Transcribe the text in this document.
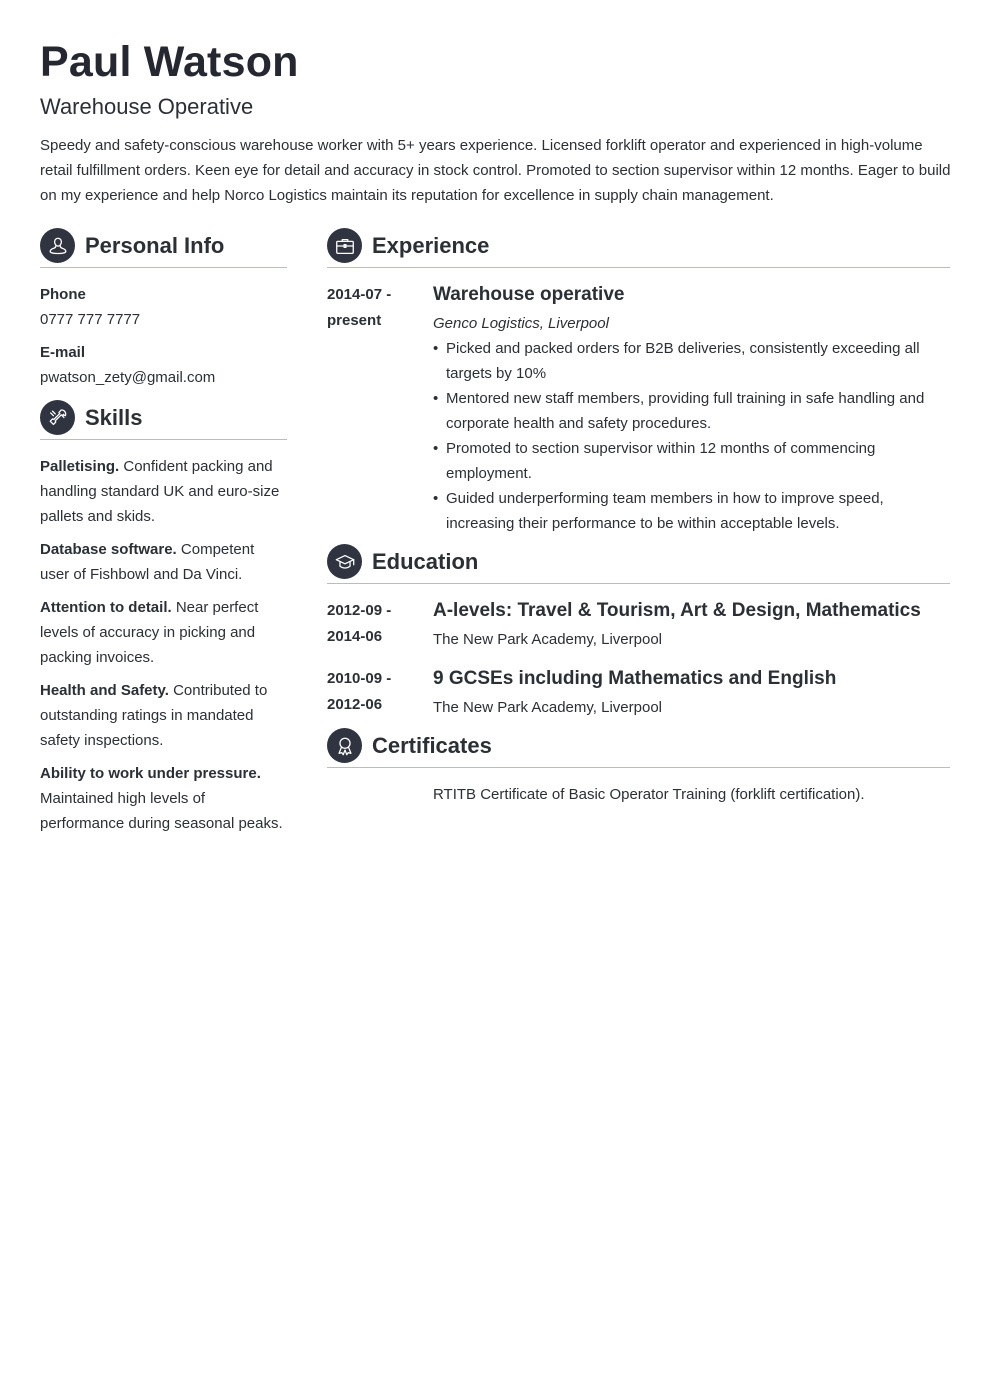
Paul Watson
Warehouse Operative
Speedy and safety-conscious warehouse worker with 5+ years experience. Licensed forklift operator and experienced in high-volume retail fulfillment orders. Keen eye for detail and accuracy in stock control. Promoted to section supervisor within 12 months. Eager to build on my experience and help Norco Logistics maintain its reputation for excellence in supply chain management.
Personal Info
Phone
0777 777 7777
E-mail
pwatson_zety@gmail.com
Skills
Palletising. Confident packing and handling standard UK and euro-size pallets and skids.
Database software. Competent user of Fishbowl and Da Vinci.
Attention to detail. Near perfect levels of accuracy in picking and packing invoices.
Health and Safety. Contributed to outstanding ratings in mandated safety inspections.
Ability to work under pressure. Maintained high levels of performance during seasonal peaks.
Experience
2014-07 -
present
Warehouse operative
Genco Logistics, Liverpool
• Picked and packed orders for B2B deliveries, consistently exceeding all targets by 10%
• Mentored new staff members, providing full training in safe handling and corporate health and safety procedures.
• Promoted to section supervisor within 12 months of commencing employment.
• Guided underperforming team members in how to improve speed, increasing their performance to be within acceptable levels.
Education
2012-09 -
2014-06
A-levels: Travel & Tourism, Art & Design, Mathematics
The New Park Academy, Liverpool
2010-09 -
2012-06
9 GCSEs including Mathematics and English
The New Park Academy, Liverpool
Certificates
RTITB Certificate of Basic Operator Training (forklift certification).
